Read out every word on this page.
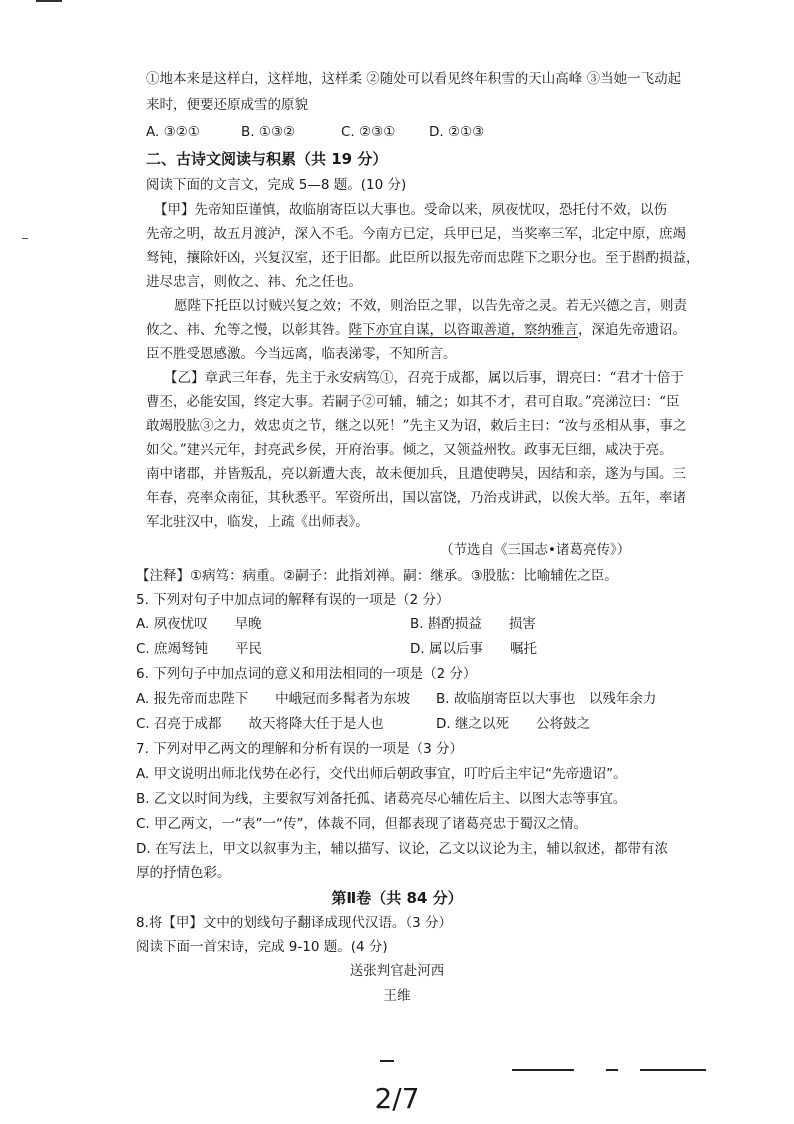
①地本来是这样白，这样地，这样柔 ②随处可以看见终年积雪的天山高峰 ③当她一飞动起
来时，便要还原成雪的原貌
A. ③②①	B. ①③②	C. ②③① D. ②①③
二、古诗文阅读与积累（共 19 分）
阅读下面的文言文，完成 5—8 题。(10 分)
【甲】先帝知臣谨慎，故临崩寄臣以大事也。受命以来，夙夜忧叹，恐托付不效，以伤
先帝之明，故五月渡泸，深入不毛。今南方已定，兵甲已足，当奖率三军，北定中原，庶竭
驽钝，攘除奸凶，兴复汉室，还于旧都。此臣所以报先帝而忠陛下之职分也。至于斟酌损益，
进尽忠言，则攸之、祎、允之任也。
愿陛下托臣以讨贼兴复之效；不效，则治臣之罪，以告先帝之灵。若无兴德之言，则责
攸之、祎、允等之慢，以彰其咎。陛下亦宜自谋，以咨诹善道，察纳雅言，深追先帝遗诏。
臣不胜受恩感激。今当远离，临表涕零，不知所言。
【乙】章武三年春，先主于永安病笃①，召亮于成都，属以后事，谓亮曰：“君才十倍于
曹丕，必能安国，终定大事。若嗣子②可辅，辅之；如其不才，君可自取。”亮涕泣曰：“臣
敢竭股肱③之力，效忠贞之节，继之以死！”先主又为诏，敕后主曰：“汝与丞相从事，事之
如父。”建兴元年，封亮武乡侯，开府治事。倾之，又领益州牧。政事无巨细，咸决于亮。
南中诸郡，并皆叛乱，亮以新遭大丧，故未便加兵，且遣使聘吴，因结和亲，遂为与国。三
年春，亮率众南征，其秋悉平。军资所出，国以富饶，乃治戎讲武，以俟大举。五年，率诸
军北驻汉中，临发，上疏《出师表》。
（节选自《三国志•诸葛亮传》）
【注释】①病笃：病重。②嗣子：此指刘禅。嗣：继承。③股肱：比喻辅佐之臣。
5. 下列对句子中加点词的解释有误的一项是（2 分）
A. 夙夜忧叹　　早晚	B. 斟酌损益　　损害
C. 庶竭驽钝　　平民	D. 属以后事　　嘱托
6. 下列句子中加点词的意义和用法相同的一项是（2 分）
A. 报先帝而忠陛下　　中峨冠而多髯者为东坡 B. 故临崩寄臣以大事也　以残年余力
C. 召亮于成都　　故天将降大任于是人也	D. 继之以死　　公将鼓之
7. 下列对甲乙两文的理解和分析有误的一项是（3 分）
A. 甲文说明出师北伐势在必行，交代出师后朝政事宜，叮咛后主牢记“先帝遗诏”。
B. 乙文以时间为线，主要叙写刘备托孤、诸葛亮尽心辅佐后主、以图大志等事宜。
C. 甲乙两文，一“表”一“传”，体裁不同，但都表现了诸葛亮忠于蜀汉之情。
D. 在写法上，甲文以叙事为主，辅以描写、议论，乙文以议论为主，辅以叙述，都带有浓
厚的抒情色彩。
第Ⅱ卷（共 84 分）
8.将【甲】文中的划线句子翻译成现代汉语。（3 分）
阅读下面一首宋诗，完成 9-10 题。(4 分)
送张判官赴河西
王维
2/7
